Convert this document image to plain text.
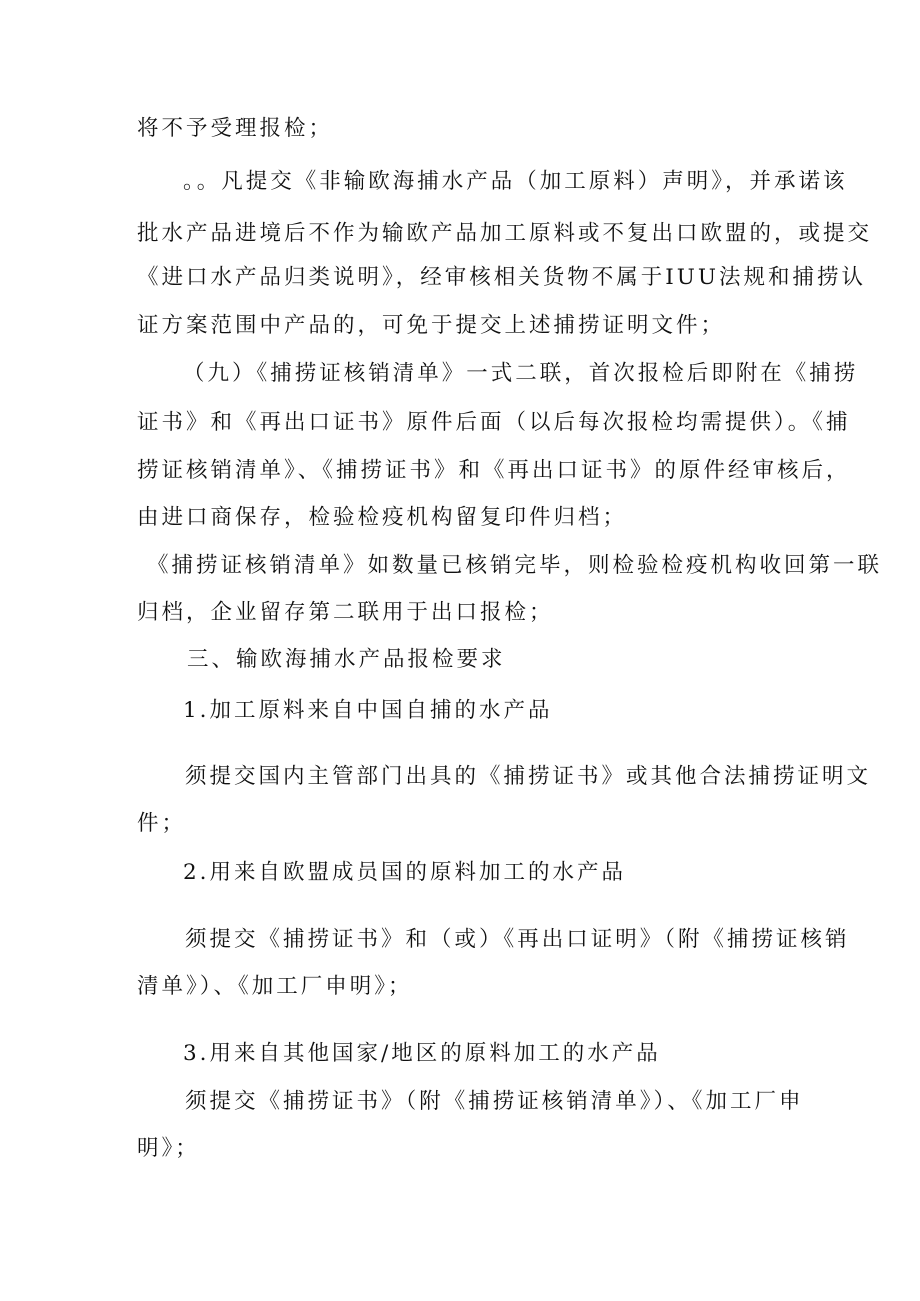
将不予受理报检；

。。凡提交《非输欧海捕水产品（加工原料）声明》，并承诺该

批水产品进境后不作为输欧产品加工原料或不复出口欧盟的，或提交

《进口水产品归类说明》，经审核相关货物不属于IUU法规和捕捞认

证方案范围中产品的，可免于提交上述捕捞证明文件；

（九）《捕捞证核销清单》一式二联，首次报检后即附在《捕捞

证书》和《再出口证书》原件后面（以后每次报检均需提供）。《捕

捞证核销清单》、《捕捞证书》和《再出口证书》的原件经审核后，

由进口商保存，检验检疫机构留复印件归档；

《捕捞证核销清单》如数量已核销完毕，则检验检疫机构收回第一联

归档，企业留存第二联用于出口报检；

三、输欧海捕水产品报检要求

1.加工原料来自中国自捕的水产品

须提交国内主管部门出具的《捕捞证书》或其他合法捕捞证明文

件；

2.用来自欧盟成员国的原料加工的水产品

须提交《捕捞证书》和（或）《再出口证明》（附《捕捞证核销

清单》）、《加工厂申明》；

3.用来自其他国家/地区的原料加工的水产品

须提交《捕捞证书》（附《捕捞证核销清单》）、《加工厂申

明》；
